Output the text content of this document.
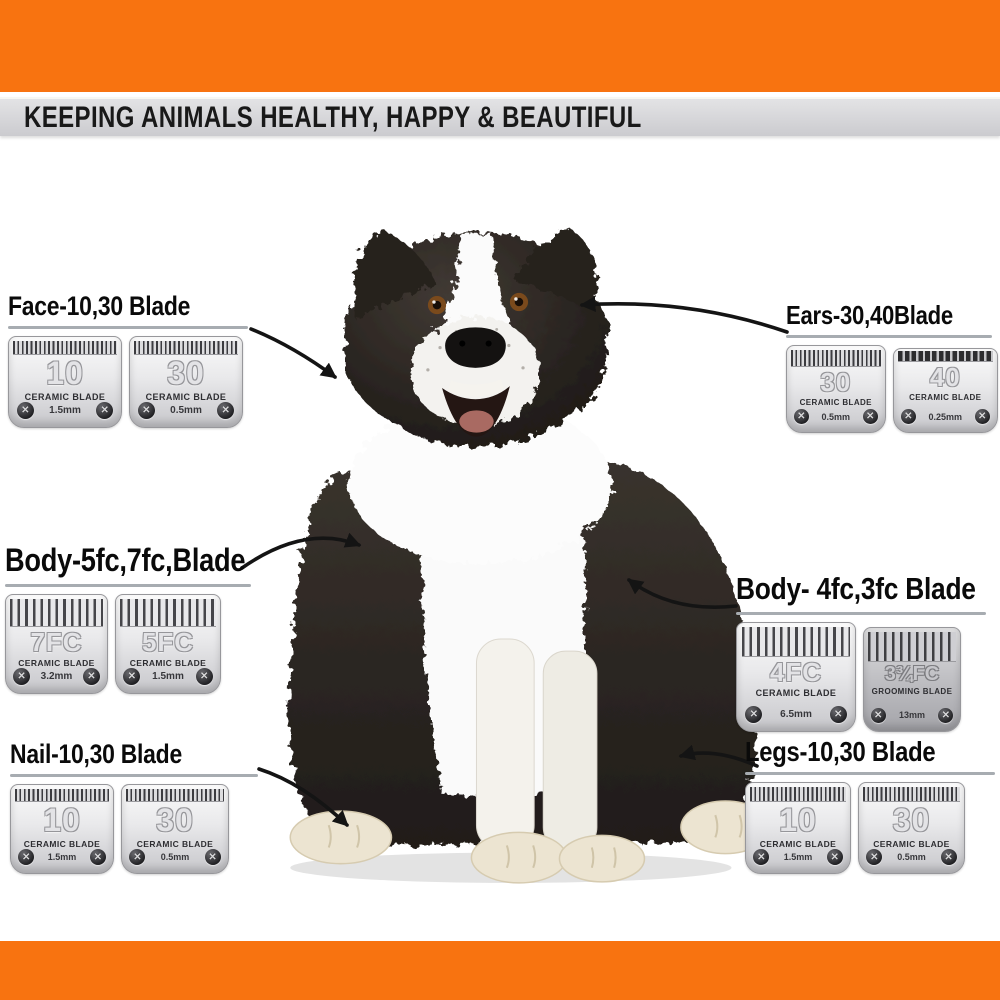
KEEPING ANIMALS HEALTHY, HAPPY & BEAUTIFUL
Face-10,30 Blade
10
CERAMIC BLADE
✕	1.5mm	✕
30
CERAMIC BLADE
✕	0.5mm	✕
Ears-30,40Blade
30
CERAMIC BLADE
✕	0.5mm	✕
40
CERAMIC BLADE
✕	0.25mm	✕
Body-5fc,7fc,Blade
7FC
CERAMIC BLADE
✕	3.2mm	✕
5FC
CERAMIC BLADE
✕	1.5mm	✕
Body- 4fc,3fc Blade
4FC
CERAMIC BLADE
✕	6.5mm	✕
3¾FC
GROOMING BLADE
✕	13mm	✕
Nail-10,30 Blade
10
CERAMIC BLADE
✕	1.5mm	✕
30
CERAMIC BLADE
✕	0.5mm	✕
Legs-10,30 Blade
10
CERAMIC BLADE
✕	1.5mm	✕
30
CERAMIC BLADE
✕	0.5mm	✕
